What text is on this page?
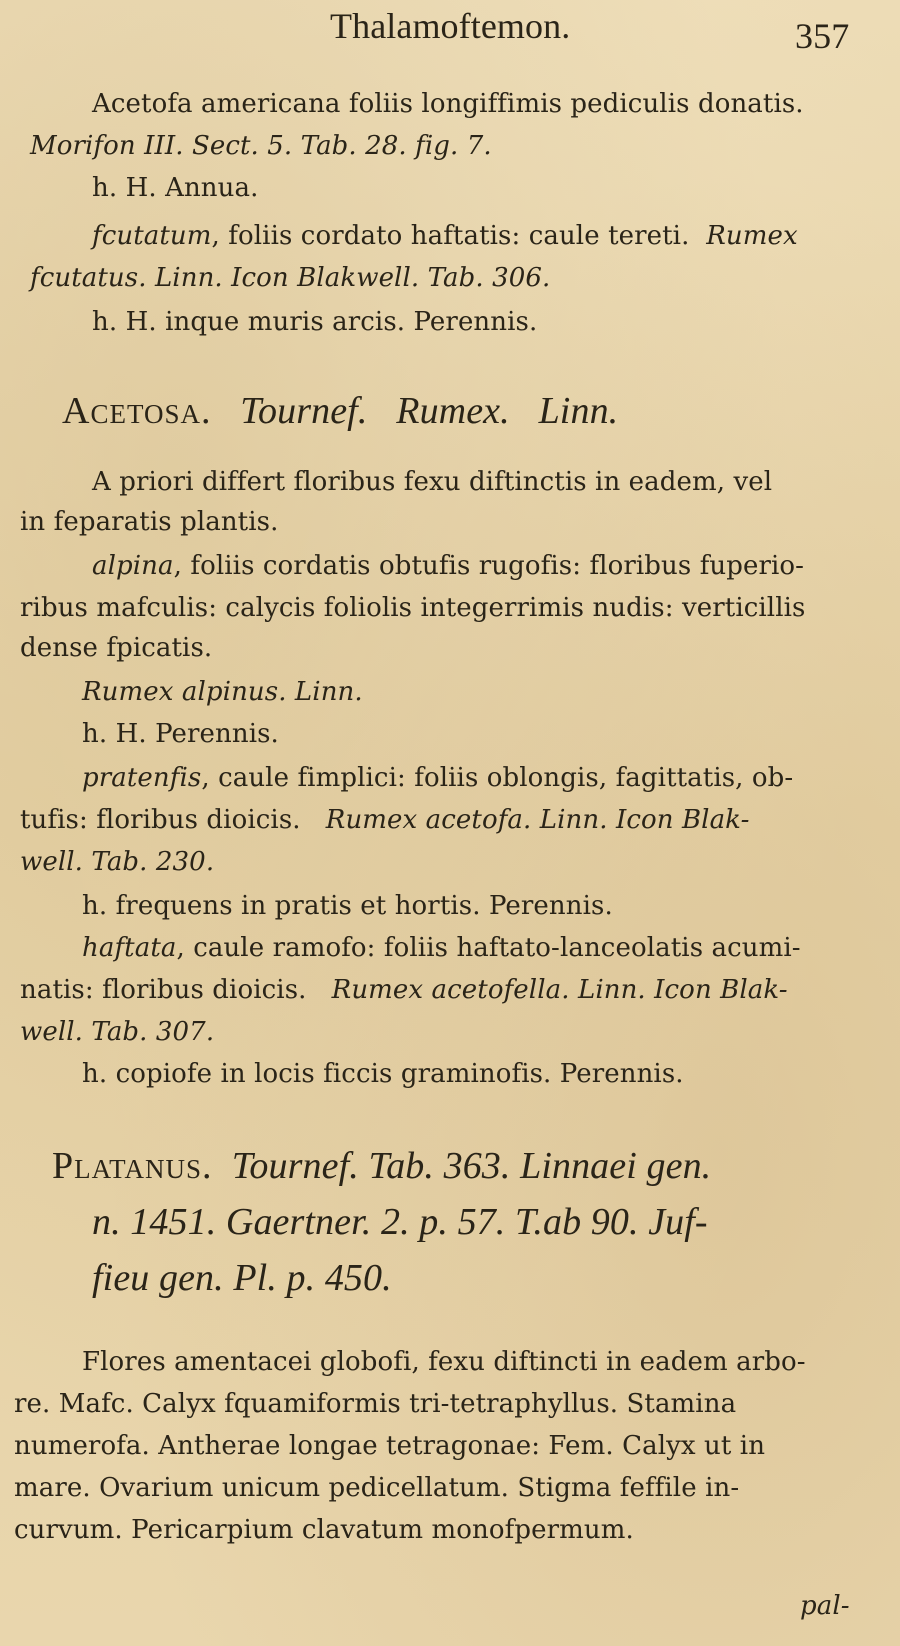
Thalamoftemon.	357
Acetofa americana foliis longiffimis pediculis donatis.
Morifon III. Sect. 5. Tab. 28. fig. 7.
h. H. Annua.
fcutatum, foliis cordato haftatis: caule tereti. Rumex
fcutatus. Linn. Icon Blakwell. Tab. 306.
h. H. inque muris arcis. Perennis.
Acetosa. Tournef. Rumex. Linn.
A priori differt floribus fexu diftinctis in eadem, vel
in feparatis plantis.
alpina, foliis cordatis obtufis rugofis: floribus fuperio-
ribus mafculis: calycis foliolis integerrimis nudis: verticillis
dense fpicatis.
Rumex alpinus. Linn.
h. H. Perennis.
pratenfis, caule fimplici: foliis oblongis, fagittatis, ob-
tufis: floribus dioicis. Rumex acetofa. Linn. Icon Blak-
well. Tab. 230.
h. frequens in pratis et hortis. Perennis.
haftata, caule ramofo: foliis haftato-lanceolatis acumi-
natis: floribus dioicis. Rumex acetofella. Linn. Icon Blak-
well. Tab. 307.
h. copiofe in locis ficcis graminofis. Perennis.
Platanus. Tournef. Tab. 363. Linnaei gen.
n. 1451. Gaertner. 2. p. 57. T.ab 90. Juf-
fieu gen. Pl. p. 450.
Flores amentacei globofi, fexu diftincti in eadem arbo-
re. Mafc. Calyx fquamiformis tri-tetraphyllus. Stamina
numerofa. Antherae longae tetragonae: Fem. Calyx ut in
mare. Ovarium unicum pedicellatum. Stigma feffile in-
curvum. Pericarpium clavatum monofpermum.
pal-
